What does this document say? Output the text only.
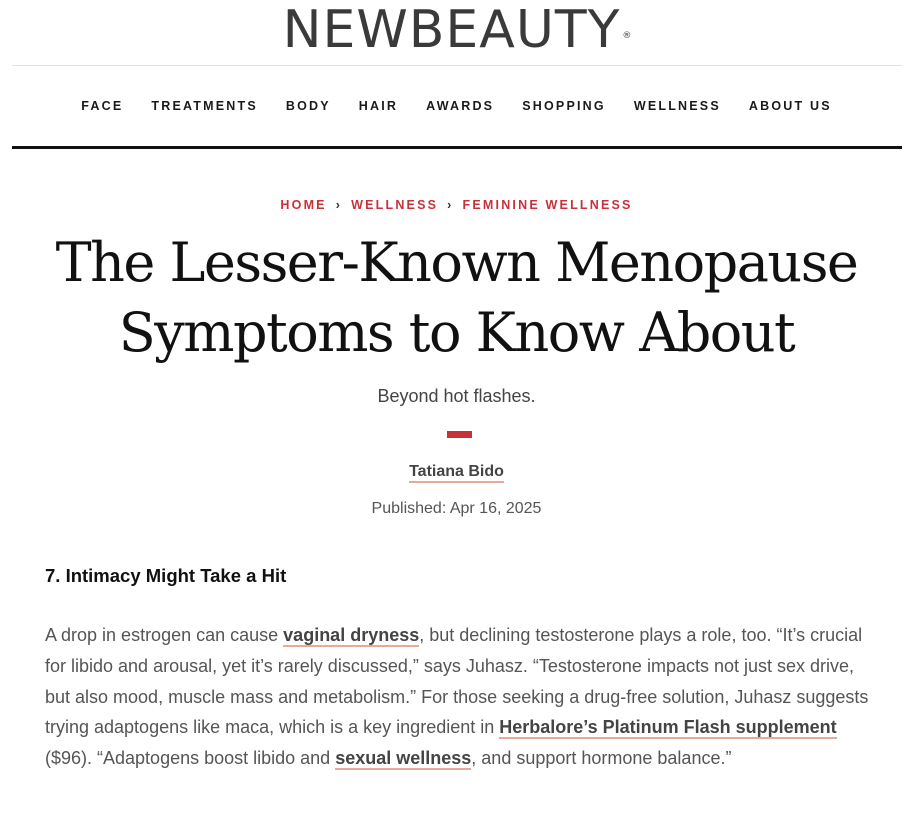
NEWBEAUTY ®
FACE	TREATMENTS	BODY	HAIR	AWARDS	SHOPPING	WELLNESS	ABOUT US
HOME › WELLNESS › FEMININE WELLNESS
The Lesser-Known Menopause
Symptoms to Know About
Beyond hot flashes.
Tatiana Bido
Published: Apr 16, 2025
7. Intimacy Might Take a Hit

A drop in estrogen can cause vaginal dryness, but declining testosterone plays a role, too. “It’s crucial for libido and arousal, yet it’s rarely discussed,” says Juhasz. “Testosterone impacts not just sex drive, but also mood, muscle mass and metabolism.” For those seeking a drug-free solution, Juhasz suggests trying adaptogens like maca, which is a key ingredient in Herbalore’s Platinum Flash supplement ($96). “Adaptogens boost libido and sexual wellness, and support hormone balance.”
